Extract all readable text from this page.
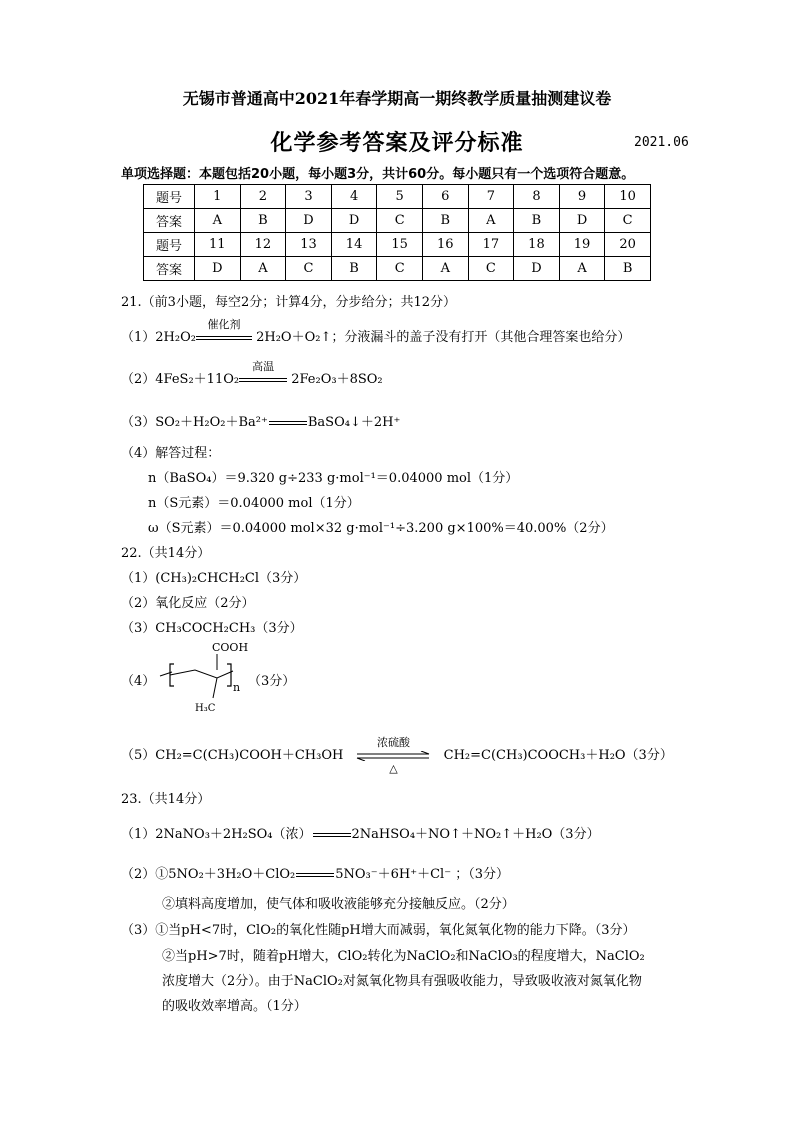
无锡市普通高中2021年春学期高一期终教学质量抽测建议卷
化学参考答案及评分标准	2021.06
单项选择题：本题包括20小题，每小题3分，共计60分。每小题只有一个选项符合题意。
题号	1	2	3	4	5	6	7	8	9	10
答案	A	B	D	D	C	B	A	B	D	C
题号	11	12	13	14	15	16	17	18	19	20
答案	D	A	C	B	C	A	C	D	A	B
21.（前3小题，每空2分；计算4分，分步给分；共12分）
（1）2H₂O₂
催化剂
2H₂O＋O₂↑；分液漏斗的盖子没有打开（其他合理答案也给分）
（2）4FeS₂＋11O₂
高温
2Fe₂O₃＋8SO₂
（3）SO₂＋H₂O₂＋Ba²⁺	BaSO₄↓＋2H⁺
（4）解答过程：
n（BaSO₄）＝9.320 g÷233 g·mol⁻¹＝0.04000 mol（1分）
n（S元素）＝0.04000 mol（1分）
ω（S元素）＝0.04000 mol×32 g·mol⁻¹÷3.200 g×100%＝40.00%（2分）
22.（共14分）
（1）(CH₃)₂CHCH₂Cl（3分）
（2）氧化反应（2分）
（3）CH₃COCH₂CH₃（3分）
（4）
COOH
n
H₃C
（3分）
（5）CH₂=C(CH₃)COOH＋CH₃OH
浓硫酸
△
CH₂=C(CH₃)COOCH₃＋H₂O（3分）
23.（共14分）
（1）2NaNO₃＋2H₂SO₄（浓）	2NaHSO₄＋NO↑＋NO₂↑＋H₂O（3分）
（2）①5NO₂＋3H₂O＋ClO₂	5NO₃⁻＋6H⁺＋Cl⁻ ；（3分）
②填料高度增加，使气体和吸收液能够充分接触反应。（2分）
（3）①当pH<7时，ClO₂的氧化性随pH增大而减弱，氧化氮氧化物的能力下降。（3分）
②当pH>7时，随着pH增大，ClO₂转化为NaClO₂和NaClO₃的程度增大，NaClO₂
浓度增大（2分）。由于NaClO₂对氮氧化物具有强吸收能力，导致吸收液对氮氧化物
的吸收效率增高。（1分）
